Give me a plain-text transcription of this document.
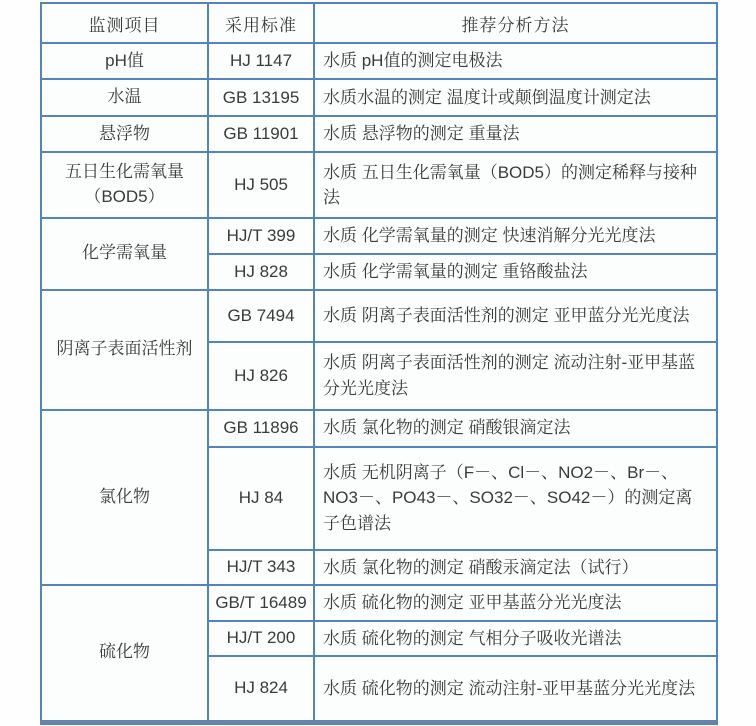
监测项目	采用标准	推荐分析方法
pH值	HJ 1147	水质 pH值的测定电极法
水温	GB 13195	水质水温的测定 温度计或颠倒温度计测定法
悬浮物	GB 11901	水质 悬浮物的测定 重量法
五日生化需氧量（BOD5）	HJ 505	水质 五日生化需氧量（BOD5）的测定稀释与接种法
化学需氧量	HJ/T 399	水质 化学需氧量的测定 快速消解分光光度法
	HJ 828	水质 化学需氧量的测定 重铬酸盐法
阴离子表面活性剂	GB 7494	水质 阴离子表面活性剂的测定 亚甲蓝分光光度法
	HJ 826	水质 阴离子表面活性剂的测定 流动注射-亚甲基蓝分光光度法
氯化物	GB 11896	水质 氯化物的测定 硝酸银滴定法
	HJ 84	水质 无机阴离子（F－、Cl－、NO2－、Br－、NO3－、PO43－、SO32－、SO42－）的测定离子色谱法
	HJ/T 343	水质 氯化物的测定 硝酸汞滴定法（试行）
硫化物	GB/T 16489	水质 硫化物的测定 亚甲基蓝分光光度法
	HJ/T 200	水质 硫化物的测定 气相分子吸收光谱法
	HJ 824	水质 硫化物的测定 流动注射-亚甲基蓝分光光度法
